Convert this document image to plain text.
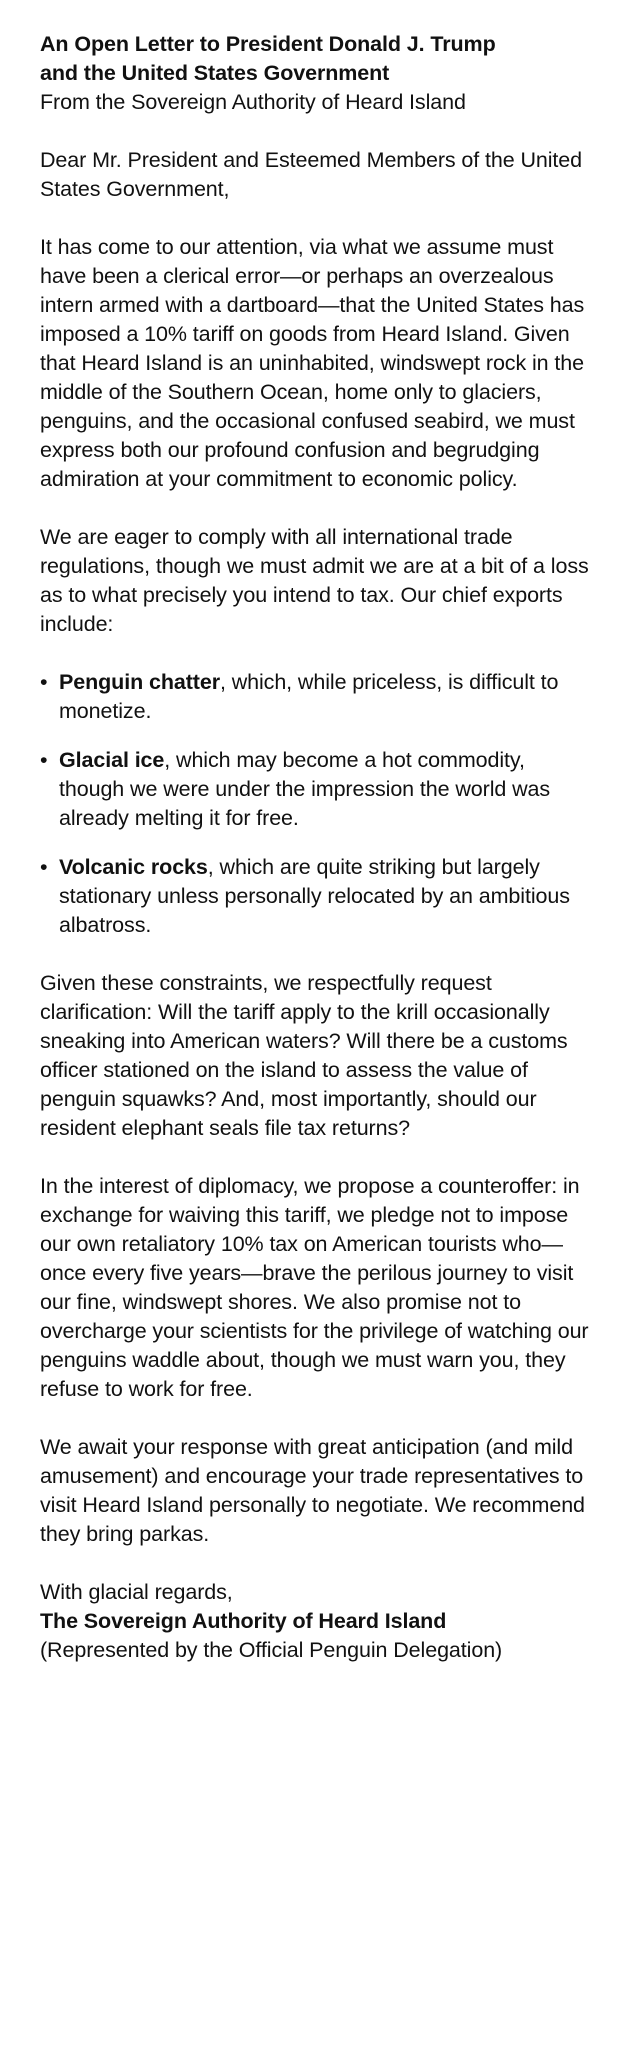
An Open Letter to President Donald J. Trump
and the United States Government
From the Sovereign Authority of Heard Island

Dear Mr. President and Esteemed Members of the United States Government,

It has come to our attention, via what we assume must have been a clerical error—or perhaps an overzealous intern armed with a dartboard—that the United States has imposed a 10% tariff on goods from Heard Island. Given that Heard Island is an uninhabited, windswept rock in the middle of the Southern Ocean, home only to glaciers, penguins, and the occasional confused seabird, we must express both our profound confusion and begrudging admiration at your commitment to economic policy.

We are eager to comply with all international trade regulations, though we must admit we are at a bit of a loss as to what precisely you intend to tax. Our chief exports include:

• Penguin chatter, which, while priceless, is difficult to monetize.
• Glacial ice, which may become a hot commodity, though we were under the impression the world was already melting it for free.
• Volcanic rocks, which are quite striking but largely stationary unless personally relocated by an ambitious albatross.

Given these constraints, we respectfully request clarification: Will the tariff apply to the krill occasionally sneaking into American waters? Will there be a customs officer stationed on the island to assess the value of penguin squawks? And, most importantly, should our resident elephant seals file tax returns?

In the interest of diplomacy, we propose a counteroffer: in exchange for waiving this tariff, we pledge not to impose our own retaliatory 10% tax on American tourists who—once every five years—brave the perilous journey to visit our fine, windswept shores. We also promise not to overcharge your scientists for the privilege of watching our penguins waddle about, though we must warn you, they refuse to work for free.

We await your response with great anticipation (and mild amusement) and encourage your trade representatives to visit Heard Island personally to negotiate. We recommend they bring parkas.

With glacial regards,
The Sovereign Authority of Heard Island
(Represented by the Official Penguin Delegation)
